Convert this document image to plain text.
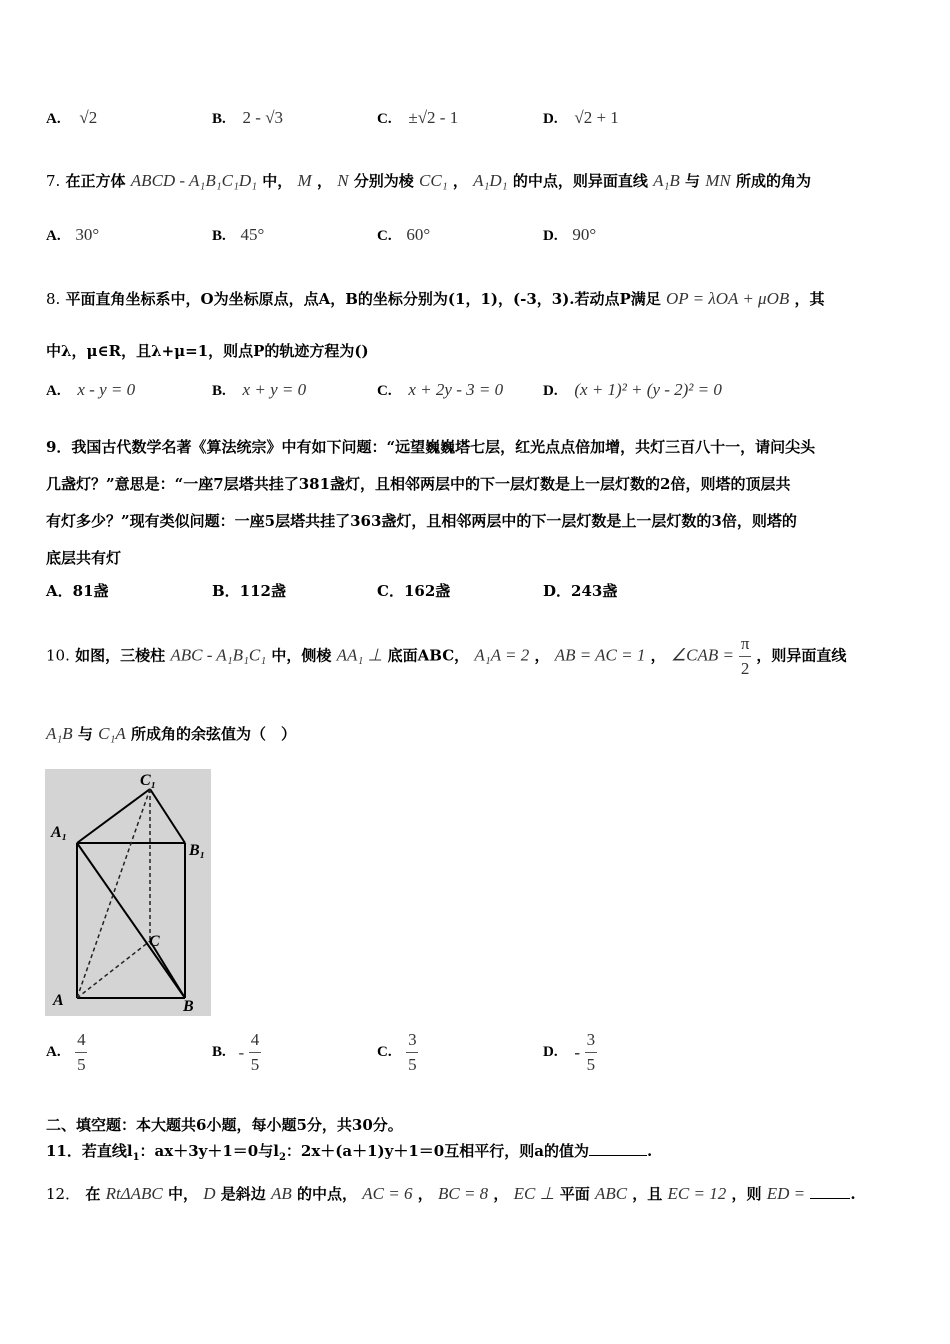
A. √2	B. 2 - √3	C. ±√2 - 1	D. √2 + 1
7. 在正方体 ABCD - A₁B₁C₁D₁ 中， M ， N 分别为棱 CC₁ ， A₁D₁ 的中点，则异面直线 A₁B 与 MN 所成的角为
A. 30°	B. 45°	C. 60°	D. 90°
8. 平面直角坐标系中，O为坐标原点，点A，B的坐标分别为(1，1)，(-3，3).若动点P满足 OP = λOA + μOB ，其
中λ，μ∈R，且λ+μ=1，则点P的轨迹方程为()
A. x - y = 0	B. x + y = 0	C. x + 2y - 3 = 0	D. (x + 1)² + (y - 2)² = 0
9．我国古代数学名著《算法统宗》中有如下问题：“远望巍巍塔七层，红光点点倍加增，共灯三百八十一，请问尖头
几盏灯？”意思是：“一座7层塔共挂了381盏灯，且相邻两层中的下一层灯数是上一层灯数的2倍，则塔的顶层共
有灯多少？”现有类似问题：一座5层塔共挂了363盏灯，且相邻两层中的下一层灯数是上一层灯数的3倍，则塔的
底层共有灯
A．81盏	B．112盏	C．162盏	D．243盏
10. 如图，三棱柱 ABC - A₁B₁C₁ 中，侧棱 AA₁ ⊥ 底面ABC， A₁A = 2 ， AB = AC = 1 ， ∠CAB = $\frac{\pi}{2}$ ，则异面直线
A₁B 与 C₁A 所成角的余弦值为（　）
C₁
A₁
B₁
C
A	B
A. $\frac{4}{5}$	B. - $\frac{4}{5}$	C. $\frac{3}{5}$	D. - $\frac{3}{5}$
二、填空题：本大题共6小题，每小题5分，共30分。
11．若直线$l_1$：ax＋3y＋1＝0与$l_2$：2x＋(a＋1)y＋1＝0互相平行，则a的值为	.
12． 在 RtΔABC 中， D 是斜边 AB 的中点， AC = 6 ， BC = 8 ， EC ⊥ 平面 ABC ，且 EC = 12 ，则 ED =	.
